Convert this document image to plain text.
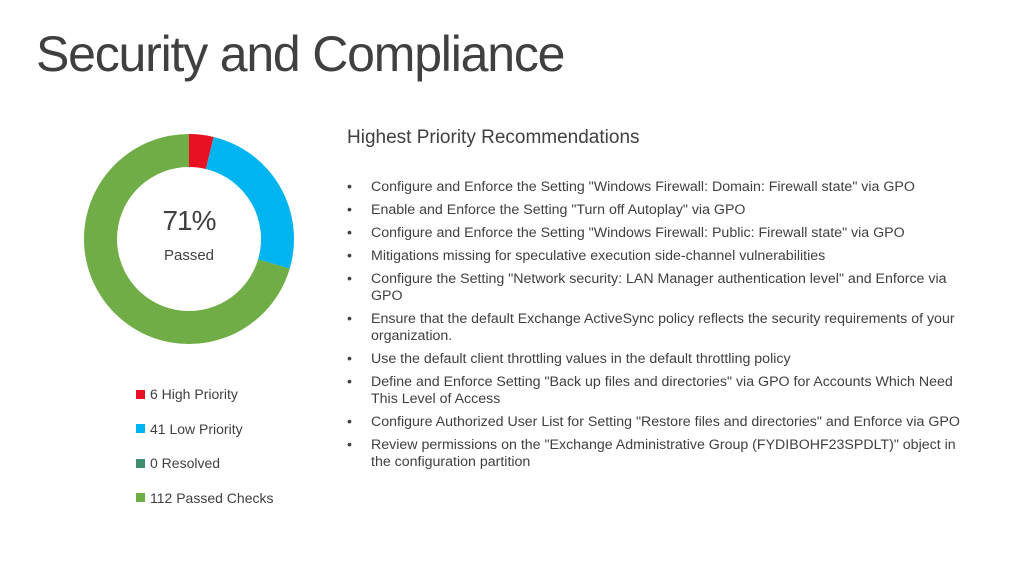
Security and Compliance
71%
Passed
6 High Priority
41 Low Priority
0 Resolved
112 Passed Checks
Highest Priority Recommendations
•	Configure and Enforce the Setting "Windows Firewall: Domain: Firewall state" via GPO
•	Enable and Enforce the Setting "Turn off Autoplay" via GPO
•	Configure and Enforce the Setting "Windows Firewall: Public: Firewall state" via GPO
•	Mitigations missing for speculative execution side-channel vulnerabilities
•	Configure the Setting "Network security: LAN Manager authentication level" and Enforce via GPO
•	Ensure that the default Exchange ActiveSync policy reflects the security requirements of your organization.
•	Use the default client throttling values in the default throttling policy
•	Define and Enforce Setting "Back up files and directories" via GPO for Accounts Which Need This Level of Access
•	Configure Authorized User List for Setting "Restore files and directories" and Enforce via GPO
•	Review permissions on the "Exchange Administrative Group (FYDIBOHF23SPDLT)" object in the configuration partition
